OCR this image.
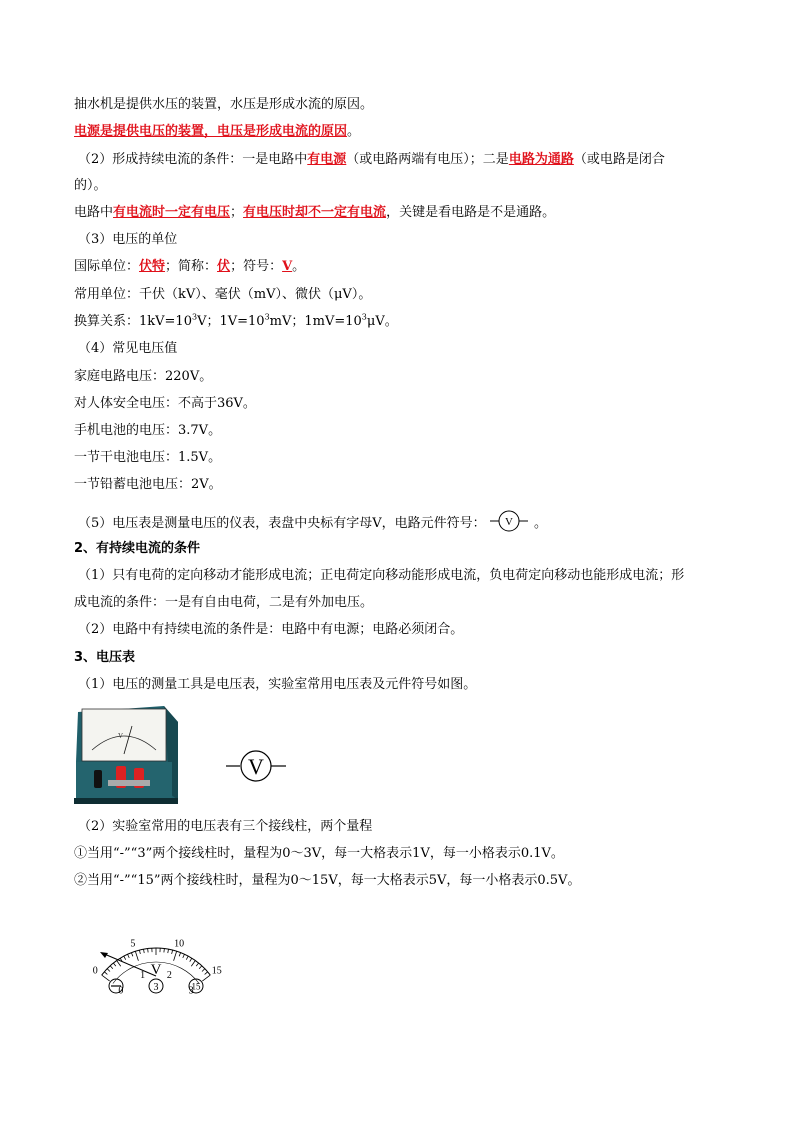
抽水机是提供水压的装置，水压是形成水流的原因。
电源是提供电压的装置，电压是形成电流的原因。
（2）形成持续电流的条件：一是电路中有电源（或电路两端有电压）；二是电路为通路（或电路是闭合
的）。
电路中有电流时一定有电压；有电压时却不一定有电流，关键是看电路是不是通路。
（3）电压的单位
国际单位：伏特；简称：伏；符号：V。
常用单位：千伏（kV）、毫伏（mV）、微伏（μV）。
换算关系：$1kV=10^3V$；$1V=10^3mV$；$1mV=10^3\mu V$。
（4）常见电压值
家庭电路电压：220V。
对人体安全电压：不高于36V。
手机电池的电压：3.7V。
一节干电池电压：1.5V。
一节铅蓄电池电压：2V。
（5）电压表是测量电压的仪表，表盘中央标有字母V，电路元件符号： V 。
2、有持续电流的条件
（1）只有电荷的定向移动才能形成电流；正电荷定向移动能形成电流，负电荷定向移动也能形成电流；形
成电流的条件：一是有自由电荷，二是有外加电压。
（2）电路中有持续电流的条件是：电路中有电源；电路必须闭合。
3、电压表
（1）电压的测量工具是电压表，实验室常用电压表及元件符号如图。
V
V
（2）实验室常用的电压表有三个接线柱，两个量程
①当用“-”“3”两个接线柱时，量程为0～3V，每一大格表示1V，每一小格表示0.1V。
②当用“-”“15”两个接线柱时，量程为0～15V，每一大格表示5V，每一小格表示0.5V。
0
5	10
15
0
1 2
3
V
3	15
